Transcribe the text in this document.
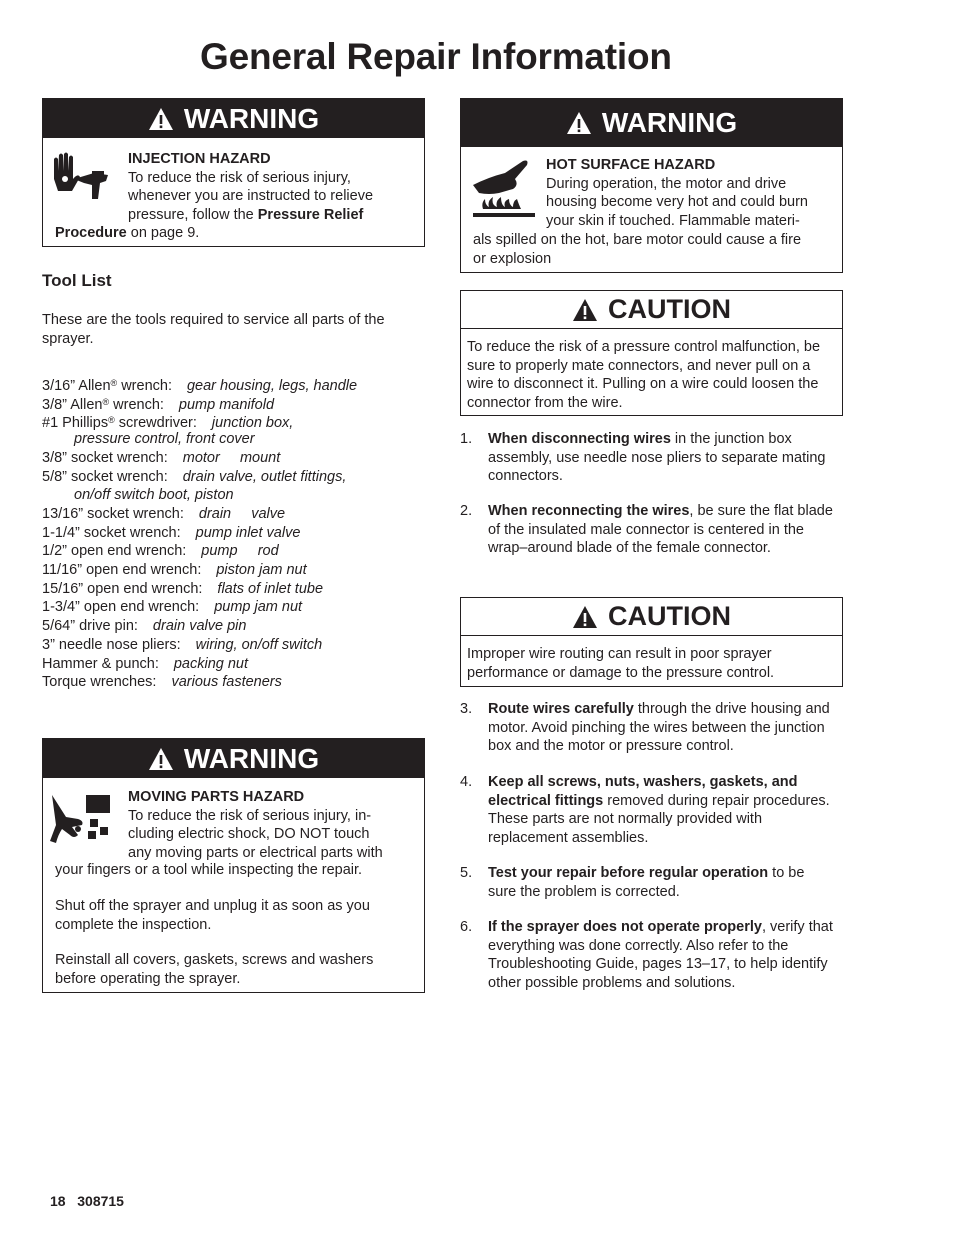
General Repair Information
WARNING
INJECTION HAZARD
To reduce the risk of serious injury,
whenever you are instructed to relieve
pressure, follow the Pressure Relief
Procedure on page 9.
Tool List
These are the tools required to service all parts of the sprayer.
3/16” Allen® wrench: gear housing, legs, handle
3/8” Allen® wrench: pump manifold
#1 Phillips® screwdriver: junction box,
pressure control, front cover
3/8” socket wrench: motor     mount
5/8” socket wrench: drain valve, outlet fittings,
on/off switch boot, piston
13/16” socket wrench: drain     valve
1-1/4” socket wrench: pump inlet valve
1/2” open end wrench: pump     rod
11/16” open end wrench: piston jam nut
15/16” open end wrench: flats of inlet tube
1-3/4” open end wrench: pump jam nut
5/64” drive pin: drain valve pin
3” needle nose pliers: wiring, on/off switch
Hammer & punch: packing nut
Torque wrenches: various fasteners
WARNING
MOVING PARTS HAZARD
To reduce the risk of serious injury, in-
cluding electric shock, DO NOT touch
any moving parts or electrical parts with
your fingers or a tool while inspecting the repair.
Shut off the sprayer and unplug it as soon as you complete the inspection.
Reinstall all covers, gaskets, screws and washers before operating the sprayer.
WARNING
HOT SURFACE HAZARD
During operation, the motor and drive
housing become very hot and could burn
your skin if touched. Flammable materi-
als spilled on the hot, bare motor could cause a fire
or explosion
CAUTION
To reduce the risk of a pressure control malfunction, be sure to properly mate connectors, and never pull on a wire to disconnect it. Pulling on a wire could loosen the connector from the wire.
CAUTION
Improper wire routing can result in poor sprayer performance or damage to the pressure control.
1. When disconnecting wires in the junction box assembly, use needle nose pliers to separate mating connectors.
2. When reconnecting the wires, be sure the flat blade of the insulated male connector is centered in the wrap–around blade of the female connector.
3. Route wires carefully through the drive housing and motor. Avoid pinching the wires between the junction box and the motor or pressure control.
4. Keep all screws, nuts, washers, gaskets, and electrical fittings removed during repair procedures. These parts are not normally provided with replacement assemblies.
5. Test your repair before regular operation to be sure the problem is corrected.
6. If the sprayer does not operate properly, verify that everything was done correctly. Also refer to the Troubleshooting Guide, pages 13–17, to help identify other possible problems and solutions.
18 308715
